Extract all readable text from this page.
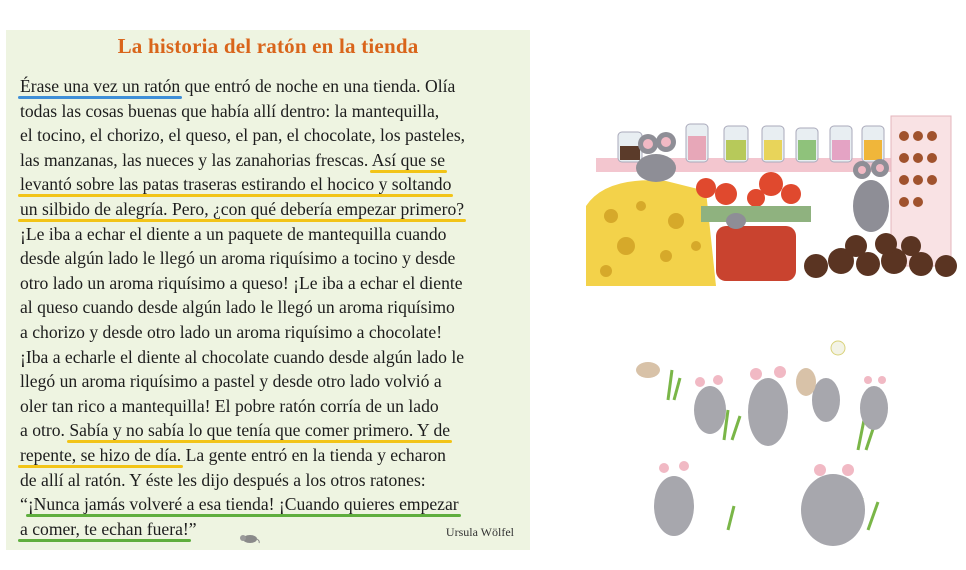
La historia del ratón en la tienda
Érase una vez un ratón que entró de noche en una tienda. Olía
todas las cosas buenas que había allí dentro: la mantequilla,
el tocino, el chorizo, el queso, el pan, el chocolate, los pasteles,
las manzanas, las nueces y las zanahorias frescas. Así que se
levantó sobre las patas traseras estirando el hocico y soltando
un silbido de alegría. Pero, ¿con qué debería empezar primero?
¡Le iba a echar el diente a un paquete de mantequilla cuando
desde algún lado le llegó un aroma riquísimo a tocino y desde
otro lado un aroma riquísimo a queso! ¡Le iba a echar el diente
al queso cuando desde algún lado le llegó un aroma riquísimo
a chorizo y desde otro lado un aroma riquísimo a chocolate!
¡Iba a echarle el diente al chocolate cuando desde algún lado le
llegó un aroma riquísimo a pastel y desde otro lado volvió a
oler tan rico a mantequilla! El pobre ratón corría de un lado
a otro. Sabía y no sabía lo que tenía que comer primero. Y de
repente, se hizo de día. La gente entró en la tienda y echaron
de allí al ratón. Y éste les dijo después a los otros ratones:
“¡Nunca jamás volveré a esa tienda! ¡Cuando quieres empezar
a comer, te echan fuera!”	Ursula Wölfel
